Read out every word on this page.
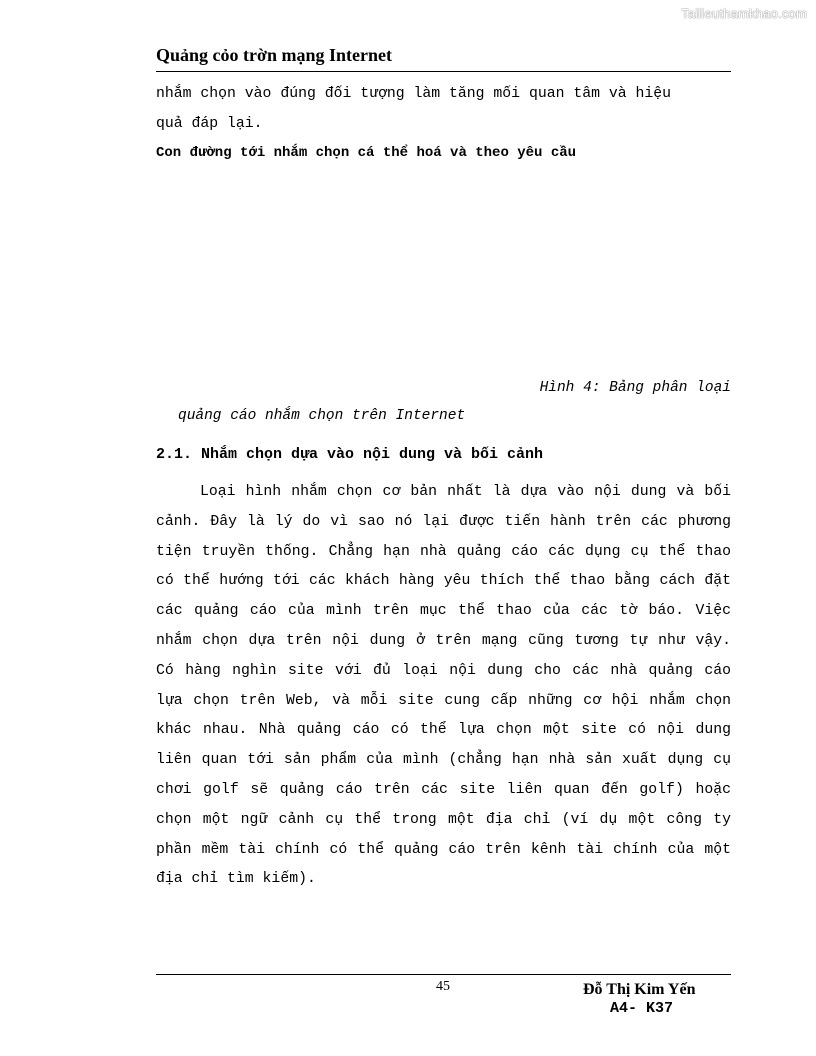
Tailieuthamkhao.com
Quảng cỏo trờn mạng Internet
nhắm chọn vào đúng đối tượng làm tăng mối quan tâm và hiệu
quả đáp lại.
Con đường tới nhắm chọn cá thể hoá và theo yêu cầu
Hình 4: Bảng phân loại
quảng cáo nhắm chọn trên Internet
2.1. Nhắm chọn dựa vào nội dung và bối cảnh
Loại hình nhắm chọn cơ bản nhất là dựa vào nội dung và bối cảnh. Đây là lý do vì sao nó lại được tiến hành trên các phương tiện truyền thống. Chẳng hạn nhà quảng cáo các dụng cụ thể thao có thể hướng tới các khách hàng yêu thích thể thao bằng cách đặt các quảng cáo của mình trên mục thể thao của các tờ báo. Việc nhắm chọn dựa trên nội dung ở trên mạng cũng tương tự như vậy. Có hàng nghìn site với đủ loại nội dung cho các nhà quảng cáo lựa chọn trên Web, và mỗi site cung cấp những cơ hội nhắm chọn khác nhau. Nhà quảng cáo có thể lựa chọn một site có nội dung liên quan tới sản phẩm của mình (chẳng hạn nhà sản xuất dụng cụ chơi golf sẽ quảng cáo trên các site liên quan đến golf) hoặc chọn một ngữ cảnh cụ thể trong một địa chỉ (ví dụ một công ty phần mềm tài chính có thể quảng cáo trên kênh tài chính của một địa chỉ tìm kiếm).
45	Đỗ Thị Kim Yến
A4- K37
